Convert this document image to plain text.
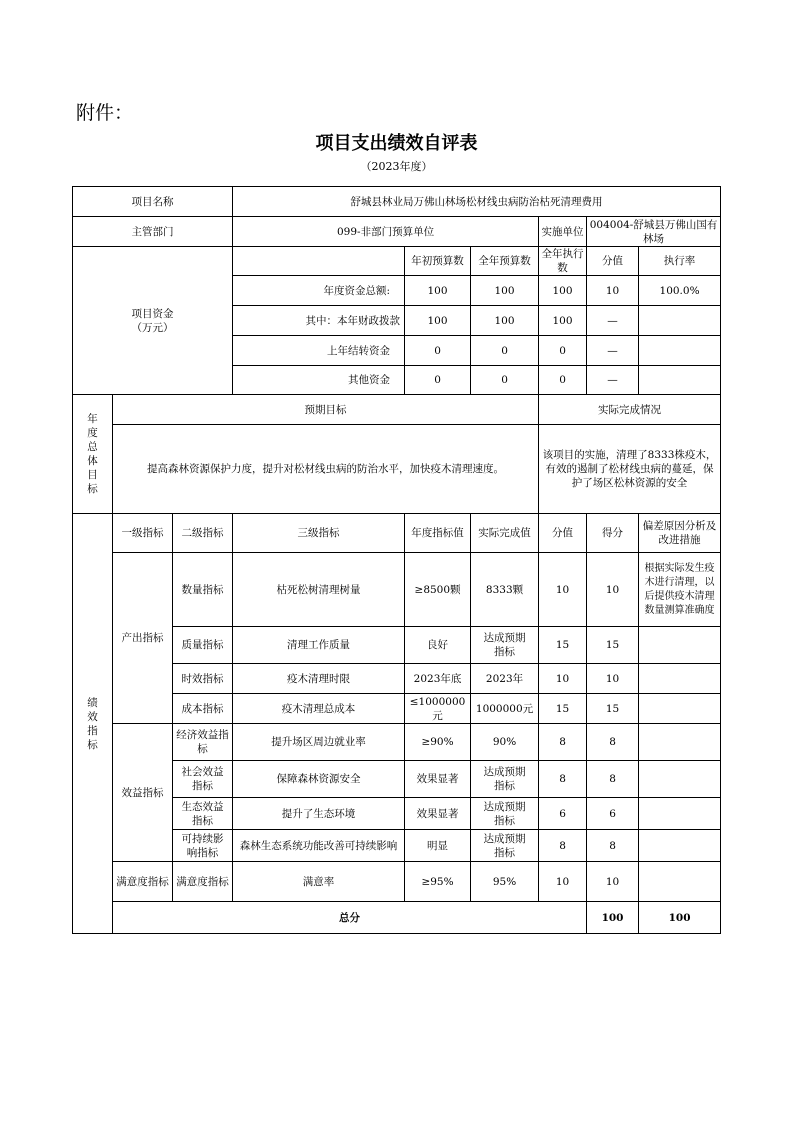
附件：
项目支出绩效自评表
（2023年度）
项目名称			舒城县林业局万佛山林场松材线虫病防治枯死清理费用						
主管部门			099-非部门预算单位			实施单位	004004-舒城县万佛山国有林场		
项目资金（万元）				年初预算数	全年预算数	全年执行数	分值	执行率	
			年度资金总额:	100	100	100	10	100.0%	
			其中：本年财政拨款	100	100	100	—		
			上年结转资金	0	0	0	—		
			其他资金	0	0	0	—		
年度总体目标	预期目标					实际完成情况			
	提高森林资源保护力度，提升对松材线虫病的防治水平，加快疫木清理速度。					该项目的实施，清理了8333株疫木，有效的遏制了松材线虫病的蔓延，保护了场区松林资源的安全			
绩效指标	一级指标	二级指标	三级指标	年度指标值	实际完成值	分值	得分	偏差原因分析及改进措施	
	产出指标	数量指标	枯死松树清理树量	≥8500颗	8333颗	10	10	根据实际发生疫木进行清理，以后提供疫木清理数量测算准确度	
		质量指标	清理工作质量	良好	达成预期指标	15	15		
		时效指标	疫木清理时限	2023年底	2023年	10	10		
		成本指标	疫木清理总成本	≤1000000元	1000000元	15	15		
	效益指标	经济效益指标	提升场区周边就业率	≥90%	90%	8	8		
		社会效益指标	保障森林资源安全	效果显著	达成预期指标	8	8		
		生态效益指标	提升了生态环境	效果显著	达成预期指标	6	6		
		可持续影响指标	森林生态系统功能改善可持续影响	明显	达成预期指标	8	8		
	满意度指标	满意度指标	满意率	≥95%	95%	10	10		
	总分						100	100	
